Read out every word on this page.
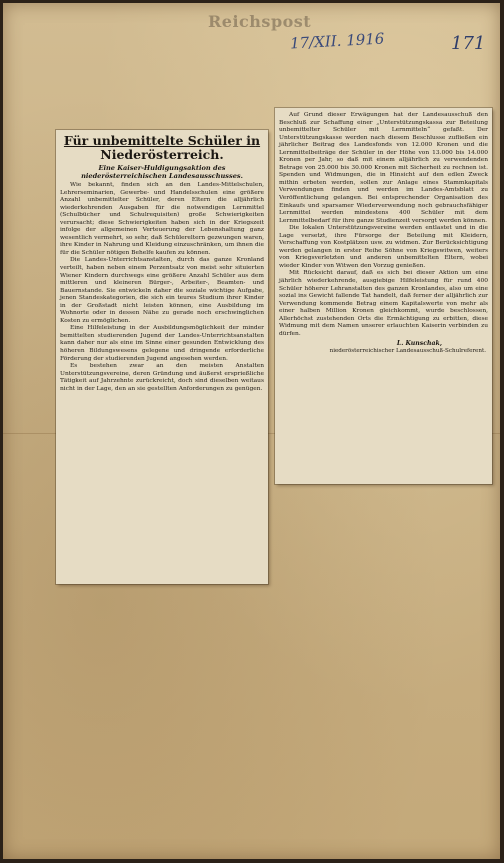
Reichspost
17/XII. 1916	171
Für unbemittelte Schüler in
Niederösterreich.
Eine Kaiser-Huldigungsaktion des niederösterreichischen Landesausschusses.

Wie bekannt, finden sich an den Landes-Mittelschulen, Lehrerseminarien, Gewerbe- und Handelsschulen eine größere Anzahl unbemittelter Schüler, deren Eltern die alljährlich wiederkehrenden Ausgaben für die notwendigen Lernmittel (Schulbücher und Schulrequisiten) große Schwierigkeiten verursacht; diese Schwierigkeiten haben sich in der Kriegszeit infolge der allgemeinen Verteuerung der Lebenshaltung ganz wesentlich vermehrt, so sehr, daß Schülereltern gezwungen waren, ihre Kinder in Nahrung und Kleidung einzuschränken, um ihnen die für die Schüler nötigen Behelfe kaufen zu können.

Die Landes-Unterrichtsanstalten, durch das ganze Kronland verteilt, haben neben einem Perzentsatz von meist sehr situierten Wiener Kindern durchwegs eine größere Anzahl Schüler aus dem mittleren und kleineren Bürger-, Arbeiter-, Beamten- und Bauernstande. Sie entwickeln daher die soziale wichtige Aufgabe, jenen Standeskategorien, die sich ein teures Studium ihrer Kinder in der Großstadt nicht leisten können, eine Ausbildung im Wohnorte oder in dessen Nähe zu gerade noch erschwinglichen Kosten zu ermöglichen.

Eine Hilfeleistung in der Ausbildungsmöglichkeit der minder bemittelten studierenden Jugend der Landes-Unterrichtsanstalten kann daher nur als eine im Sinne einer gesunden Entwicklung des höheren Bildungswesens gelegene und dringende erforderliche Förderung der studierenden Jugend angesehen werden.

Es bestehen zwar an den meisten Anstalten Unterstützungsvereine, deren Gründung und äußerst ersprießliche Tätigkeit auf Jahrzehnte zurückreicht, doch sind dieselben weitaus nicht in der Lage, den an sie gestellten Anforderungen zu genügen.

Auf Grund dieser Erwägungen hat der Landesausschuß den Beschluß zur Schaffung einer „Unterstützungskassa zur Beteilung unbemittelter Schüler mit Lernmitteln“ gefaßt. Der Unterstützungskasse werden nach diesem Beschlusse zufließen ein jährlicher Beitrag des Landesfonds von 12.000 Kronen und die Lernmittelbeiträge der Schüler in der Höhe von 13.000 bis 14.000 Kronen per Jahr, so daß mit einem alljährlich zu verwendenden Betrage von 25.000 bis 30.000 Kronen mit Sicherheit zu rechnen ist. Spenden und Widmungen, die in Hinsicht auf den edlen Zweck mithin erbeten werden, sollen zur Anlage eines Stammkapitals Verwendungen finden und werden im Landes-Amtsblatt zu Veröffentlichung gelangen. Bei entsprechender Organisation des Einkaufs und sparsamer Wiederverwendung noch gebrauchsfähiger Lernmittel werden mindestens 400 Schüler mit dem Lernmittelbedarf für ihre ganze Studienzeit versorgt werden können.

Die lokalen Unterstützungsvereine werden entlastet und in die Lage versetzt, ihre Fürsorge der Beteilung mit Kleidern, Verschaffung von Kostplätzen usw. zu widmen. Zur Berücksichtigung werden gelangen in erster Reihe Söhne von Kriegswitwen, weiters von Kriegsverletzten und anderen unbemittelten Eltern, wobei wieder Kinder von Witwen den Vorzug genießen.

Mit Rücksicht darauf, daß es sich bei dieser Aktion um eine jährlich wiederkehrende, ausgiebige Hilfeleistung für rund 400 Schüler höherer Lehranstalten des ganzen Kronlandes, also um eine sozial ins Gewicht fallende Tat handelt, daß ferner der alljährlich zur Verwendung kommende Betrag einem Kapitalswerte von mehr als einer halben Million Kronen gleichkommt, wurde beschlossen, Allerhöchst zustehenden Orts die Ermächtigung zu erbitten, diese Widmung mit dem Namen unserer erlauchten Kaiserin verbinden zu dürfen.

L. Kunschak,
niederösterreichischer Landesausschuß-Schulreferent.
